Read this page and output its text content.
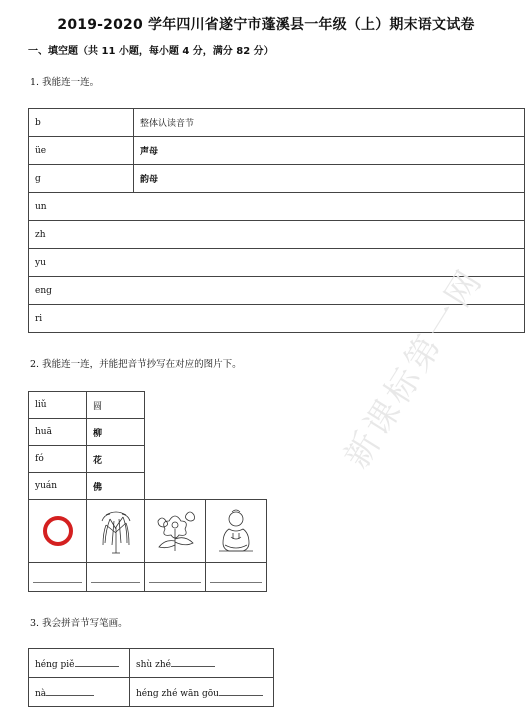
2019-2020 学年四川省遂宁市蓬溪县一年级（上）期末语文试卷
一、填空题（共 11 小题，每小题 4 分，满分 82 分）
1. 我能连一连。
b	整体认读音节
üe	声母
g	韵母
un	
zh	
yu	
eng	
ri	
2. 我能连一连，并能把音节抄写在对应的图片下。
liǔ	圆		
huā	柳		
fó	花		
yuán	佛		

3. 我会拼音节写笔画。
héng piě	shù zhé
nà	héng zhé wān gōu
新课标第一网
